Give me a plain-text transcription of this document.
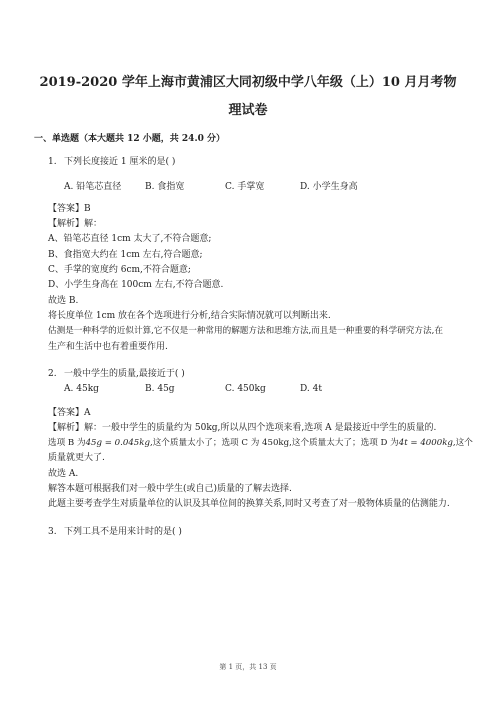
2019-2020 学年上海市黄浦区大同初级中学八年级（上）10 月月考物
理试卷
一、单选题（本大题共 12 小题，共 24.0 分）
1. 下列长度接近 1 厘米的是( )
A. 铅笔芯直径	B. 食指宽	C. 手掌宽	D. 小学生身高
【答案】B
【解析】解：
A、铅笔芯直径 1cm 太大了,不符合题意;
B、食指宽大约在 1cm 左右,符合题意;
C、手掌的宽度约 6cm,不符合题意;
D、小学生身高在 100cm 左右,不符合题意.
故选 B.
将长度单位 1cm 放在各个选项进行分析,结合实际情况就可以判断出来.
估测是一种科学的近似计算,它不仅是一种常用的解题方法和思维方法,而且是一种重要的科学研究方法,在
生产和生活中也有着重要作用.
2. 一般中学生的质量,最接近于( )
A. 45kg	B. 45g	C. 450kg	D. 4t
【答案】A
【解析】解：一般中学生的质量约为 50kg,所以从四个选项来看,选项 A 是最接近中学生的质量的.
选项 B 为45g = 0.045kg,这个质量太小了；选项 C 为 450kg,这个质量太大了；选项 D 为4t = 4000kg,这个
质量就更大了.
故选 A.
解答本题可根据我们对一般中学生(或自己)质量的了解去选择.
此题主要考查学生对质量单位的认识及其单位间的换算关系,同时又考查了对一般物体质量的估测能力.
3. 下列工具不是用来计时的是( )
第 1 页，共 13 页
